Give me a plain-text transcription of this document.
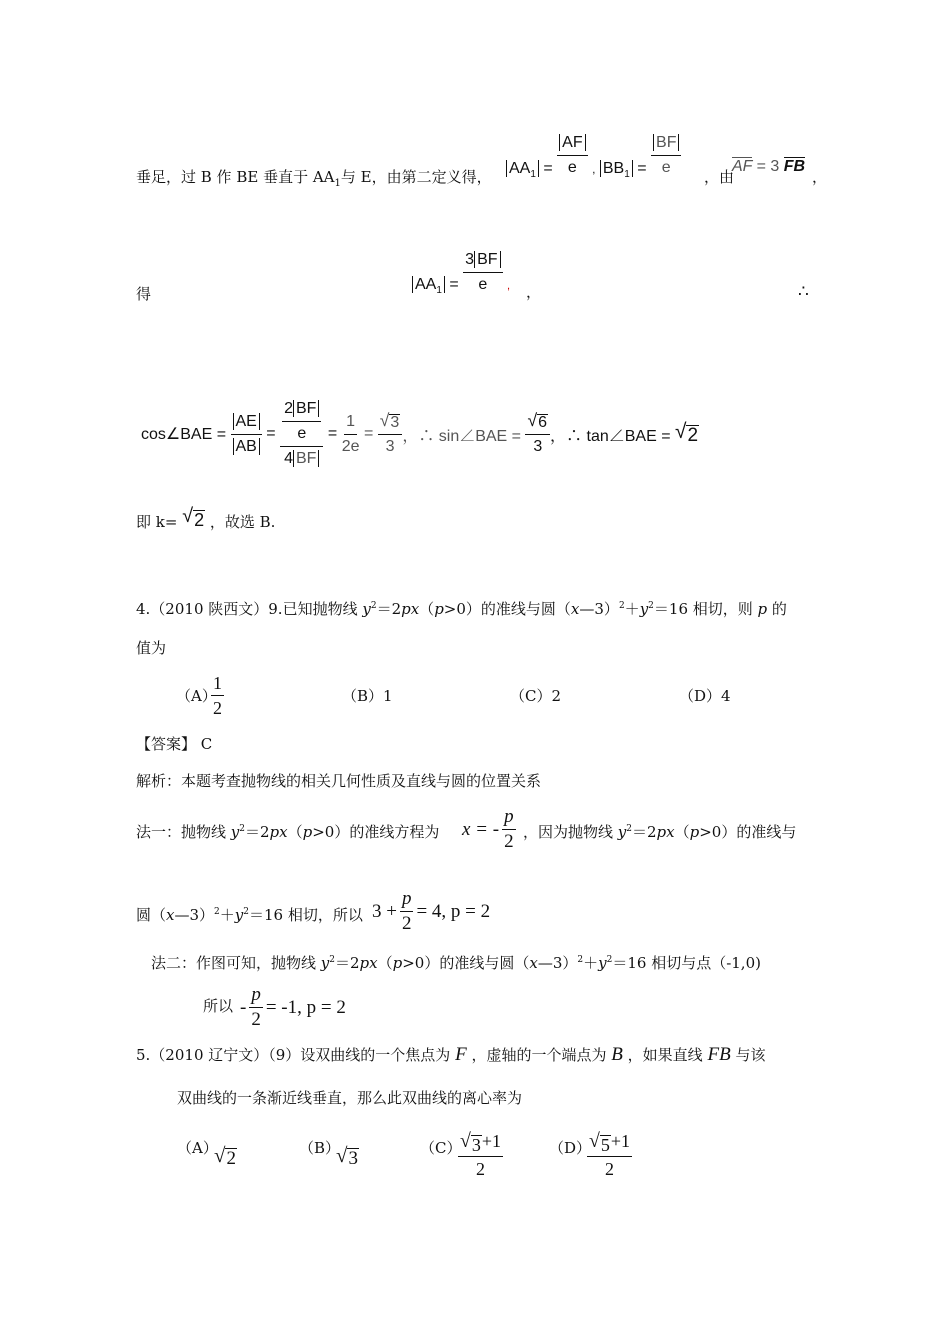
垂足，过 B 作 BE 垂直于 $AA_1$与 E，由第二定义得， $AA_1 = \frac{AF}{e} _,$ $BB_1 = \frac{BF}{e}$ ，由
AF = 3 FB
，
得
$AA_1 = \frac{3 BF}{e} _,$ ，	∴
cos∠BAE =
$\frac{AE}{AB}$
=
$\frac{\frac{2 BF}{e}}{4 BF}$
=
$\frac{1}{2e}$
=
$\frac{√ 3}{3}$ ，∴ sin∠BAE =
$\frac{√ 6}{3}$ ，∴ tan∠BAE =
√ 2
即 k= √ 2 ，故选 B.
4.（2010 陕西文）9.已知抛物线 $y^2=2px(p>0)$的准线与圆$(x—3)^2+y^2=16$ 相切，则 p 的
值为
（A）
$\frac{1}{2}$	（B）1	（C）2	（D）4
【答案】 C
解析：本题考查抛物线的相关几何性质及直线与圆的位置关系
法一：抛物线 $y^2=2px(p>0)$的准线方程为 x = - $\frac{p}{2}$ ，因为抛物线 $y^2=2px(p>0)$的准线与
圆$(x—3)^2+y^2=16$ 相切，所以 $3 + \frac{p}{2} = 4$, p = 2
法二：作图可知，抛物线 $y^2=2px(p>0)$的准线与圆$(x—3)^2+y^2=16$ 相切与点（-1,0)
所以 - $\frac{p}{2} = -1$, p = 2
5.（2010 辽宁文）（9）设双曲线的一个焦点为 F ，虚轴的一个端点为 B ，如果直线 FB 与该
双曲线的一条渐近线垂直，那么此双曲线的离心率为
（A）
√ 2	（B）
√ 3	（C）
$\frac{√ 3 +1}{2}$	（D）
$\frac{√ 5 +1}{2}$
